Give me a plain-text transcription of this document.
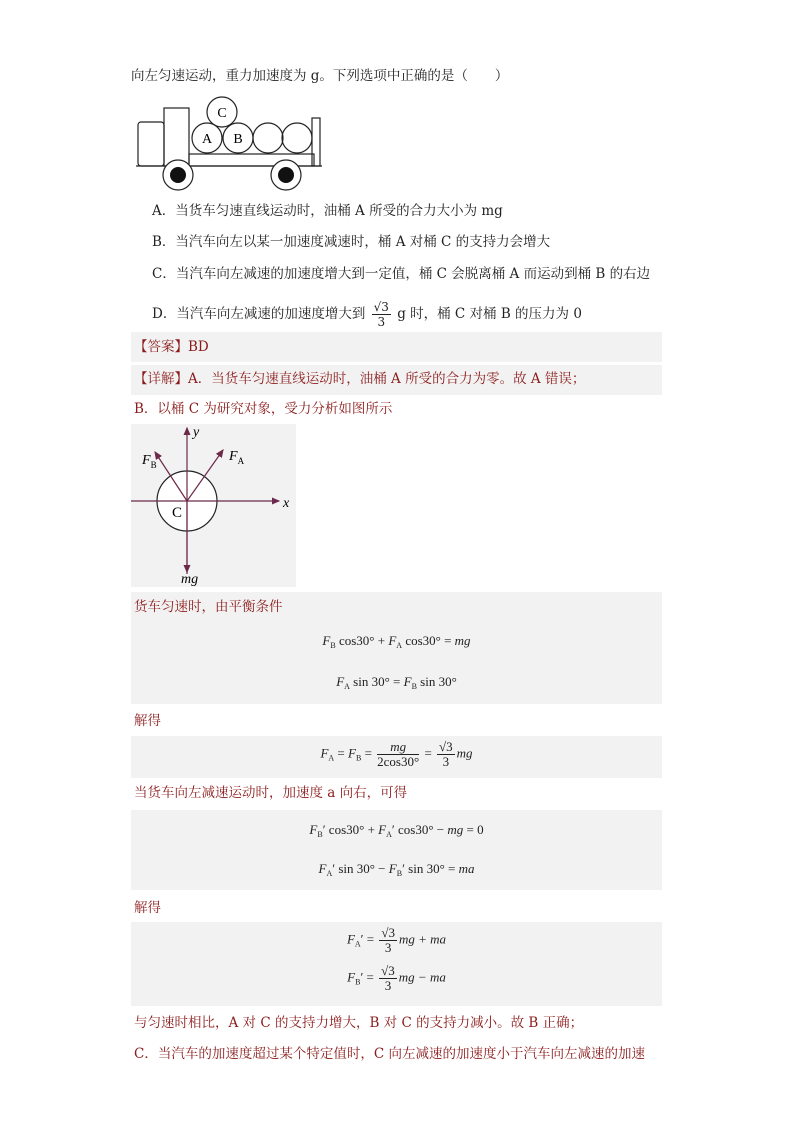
向左匀速运动，重力加速度为 g。下列选项中正确的是（　　）
C
A B
A．当货车匀速直线运动时，油桶 A 所受的合力大小为 mg
B．当汽车向左以某一加速度减速时，桶 A 对桶 C 的支持力会增大
C．当汽车向左减速的加速度增大到一定值，桶 C 会脱离桶 A 而运动到桶 B 的右边
D．当汽车向左减速的加速度增大到 $\frac{√3}{3}$ g 时，桶 C 对桶 B 的压力为 0
【答案】BD
【详解】A．当货车匀速直线运动时，油桶 A 所受的合力为零。故 A 错误；
B．以桶 C 为研究对象，受力分析如图所示
y
x
$F_A$
$F_B$
C
mg
货车匀速时，由平衡条件
$F_B$ $\cos 30^\circ + F_A$ cos30° = mg
$F_A$ $\sin 30^\circ = F_B$ sin 30°
解得
$F_A = F_B = \frac{mg}{2\cos 30^\circ} = \frac{√3}{3}$ mg
当货车向左减速运动时，加速度 a 向右，可得
$F_B'$ $\cos 30^\circ + F_A'$ cos30° − mg = 0
$F_A'$ $\sin 30^\circ - F_B'$ sin 30° = ma
解得
$F_A' = \frac{√3}{3}$ mg + ma
$F_B' = \frac{√3}{3}$ mg − ma
与匀速时相比，A 对 C 的支持力增大，B 对 C 的支持力减小。故 B 正确；
C．当汽车的加速度超过某个特定值时，C 向左减速的加速度小于汽车向左减速的加速
